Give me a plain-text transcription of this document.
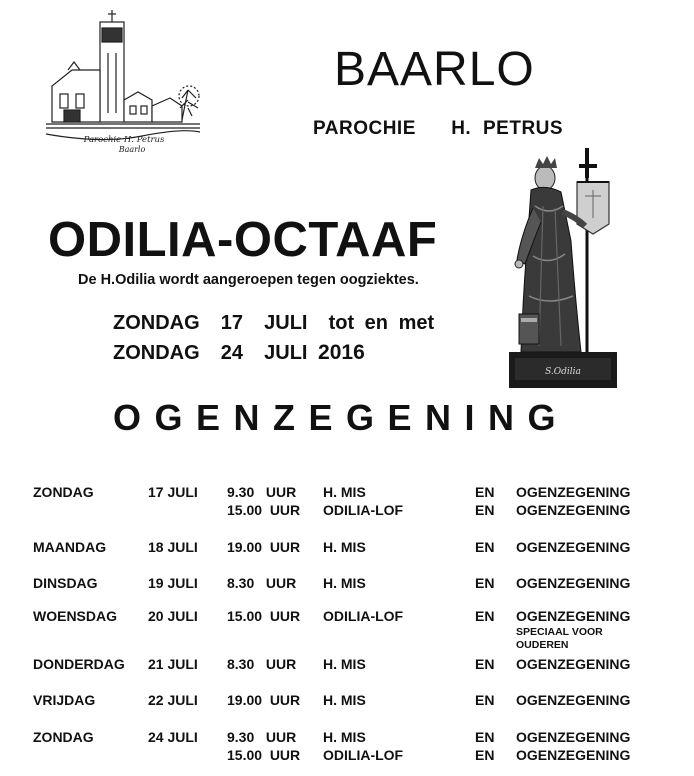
Parochie H. Petrus
Baarlo
BAARLO
PAROCHIE   H. PETRUS
S.Odilia
ODILIA-OCTAAF
De H.Odilia wordt aangeroepen tegen oogziektes.
ZONDAG  17  JULI  tot en met
ZONDAG  24  JULI 2016
OGENZEGENING
ZONDAG	17 JULI 9.30   UUR H. MIS	EN OGENZEGENING
15.00  UUR ODILIA-LOF	EN OGENZEGENING
MAANDAG	18 JULI 19.00  UUR H. MIS	EN OGENZEGENING
DINSDAG	19 JULI 8.30   UUR H. MIS	EN OGENZEGENING
WOENSDAG 20 JULI 15.00  UUR ODILIA-LOF	EN OGENZEGENING
SPECIAAL VOOR
OUDEREN
DONDERDAG 21 JULI 8.30   UUR H. MIS	EN OGENZEGENING
VRIJDAG	22 JULI 19.00  UUR H. MIS	EN OGENZEGENING
ZONDAG	24 JULI 9.30   UUR H. MIS	EN OGENZEGENING
15.00  UUR ODILIA-LOF	EN OGENZEGENING
